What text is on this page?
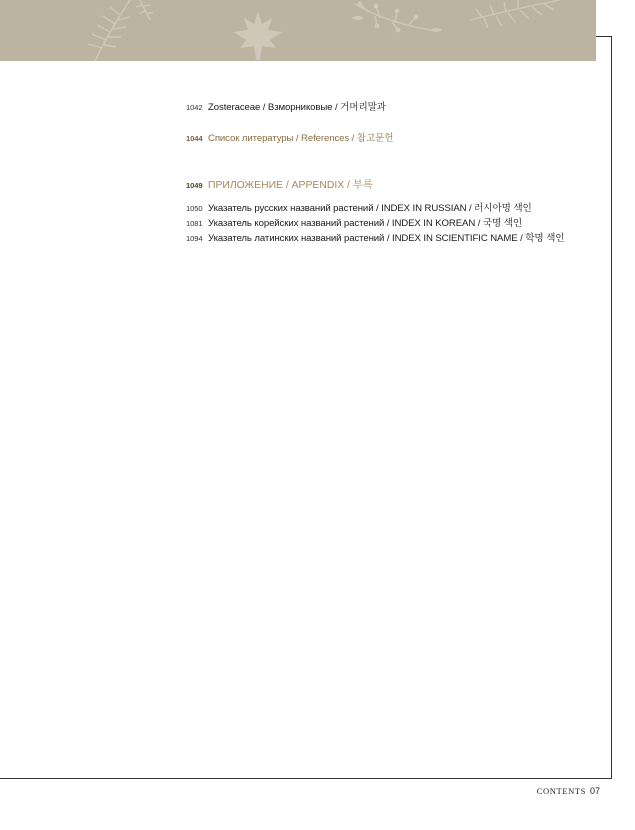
1042 Zosteraceae / Взморниковые / 거머리말과
1044 Список литературы / References / 참고문헌
1049 ПРИЛОЖЕНИЕ / APPENDIX / 부록
1050 Указатель русских названий растений / INDEX IN RUSSIAN / 러시아명 색인
1081 Указатель корейских названий растений / INDEX IN KOREAN / 국명 색인
1094 Указатель латинских названий растений / INDEX IN SCIENTIFIC NAME / 학명 색인
CONTENTS 07
